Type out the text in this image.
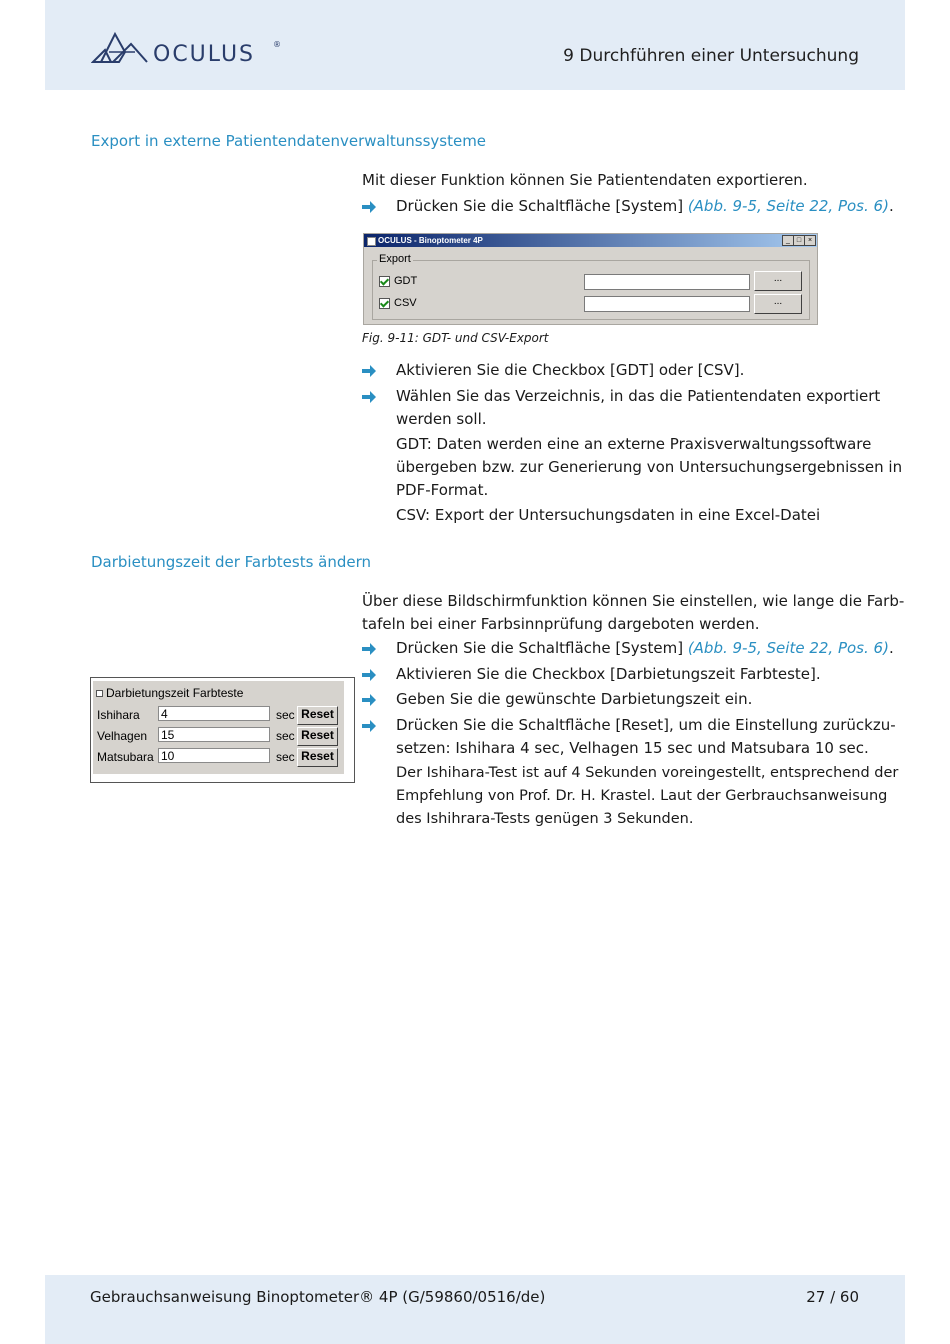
OCULUS ®
9 Durchführen einer Untersuchung
Export in externe Patientendatenverwaltunssysteme
Mit dieser Funktion können Sie Patientendaten exportieren.
Drücken Sie die Schaltfläche [System] (Abb. 9-5, Seite 22, Pos. 6).
OCULUS - Binoptometer 4P	_ □ ×
Export
GDT	...
CSV	...
Fig. 9-11: GDT- und CSV-Export
Aktivieren Sie die Checkbox [GDT] oder [CSV].
Wählen Sie das Verzeichnis, in das die Patientendaten exportiert
werden soll.
GDT: Daten werden eine an externe Praxisverwaltungssoftware
übergeben bzw. zur Generierung von Untersuchungsergebnissen in
PDF-Format.
CSV: Export der Untersuchungsdaten in eine Excel-Datei
Darbietungszeit der Farbtests ändern
Über diese Bildschirmfunktion können Sie einstellen, wie lange die Farb-
tafeln bei einer Farbsinnprüfung dargeboten werden.
Drücken Sie die Schaltfläche [System] (Abb. 9-5, Seite 22, Pos. 6).
Aktivieren Sie die Checkbox [Darbietungszeit Farbteste].
Geben Sie die gewünschte Darbietungszeit ein.
Drücken Sie die Schaltfläche [Reset], um die Einstellung zurückzu-
setzen: Ishihara 4 sec, Velhagen 15 sec und Matsubara 10 sec.
Der Ishihara-Test ist auf 4 Sekunden voreingestellt, entsprechend der
Empfehlung von Prof. Dr. H. Krastel. Laut der Gerbrauchsanweisung
des Ishihrara-Tests genügen 3 Sekunden.
Darbietungszeit Farbteste
Ishihara 4	sec Reset
Velhagen 15	sec Reset
Matsubara 10	sec Reset
Gebrauchsanweisung Binoptometer® 4P (G/59860/0516/de)	27 / 60
